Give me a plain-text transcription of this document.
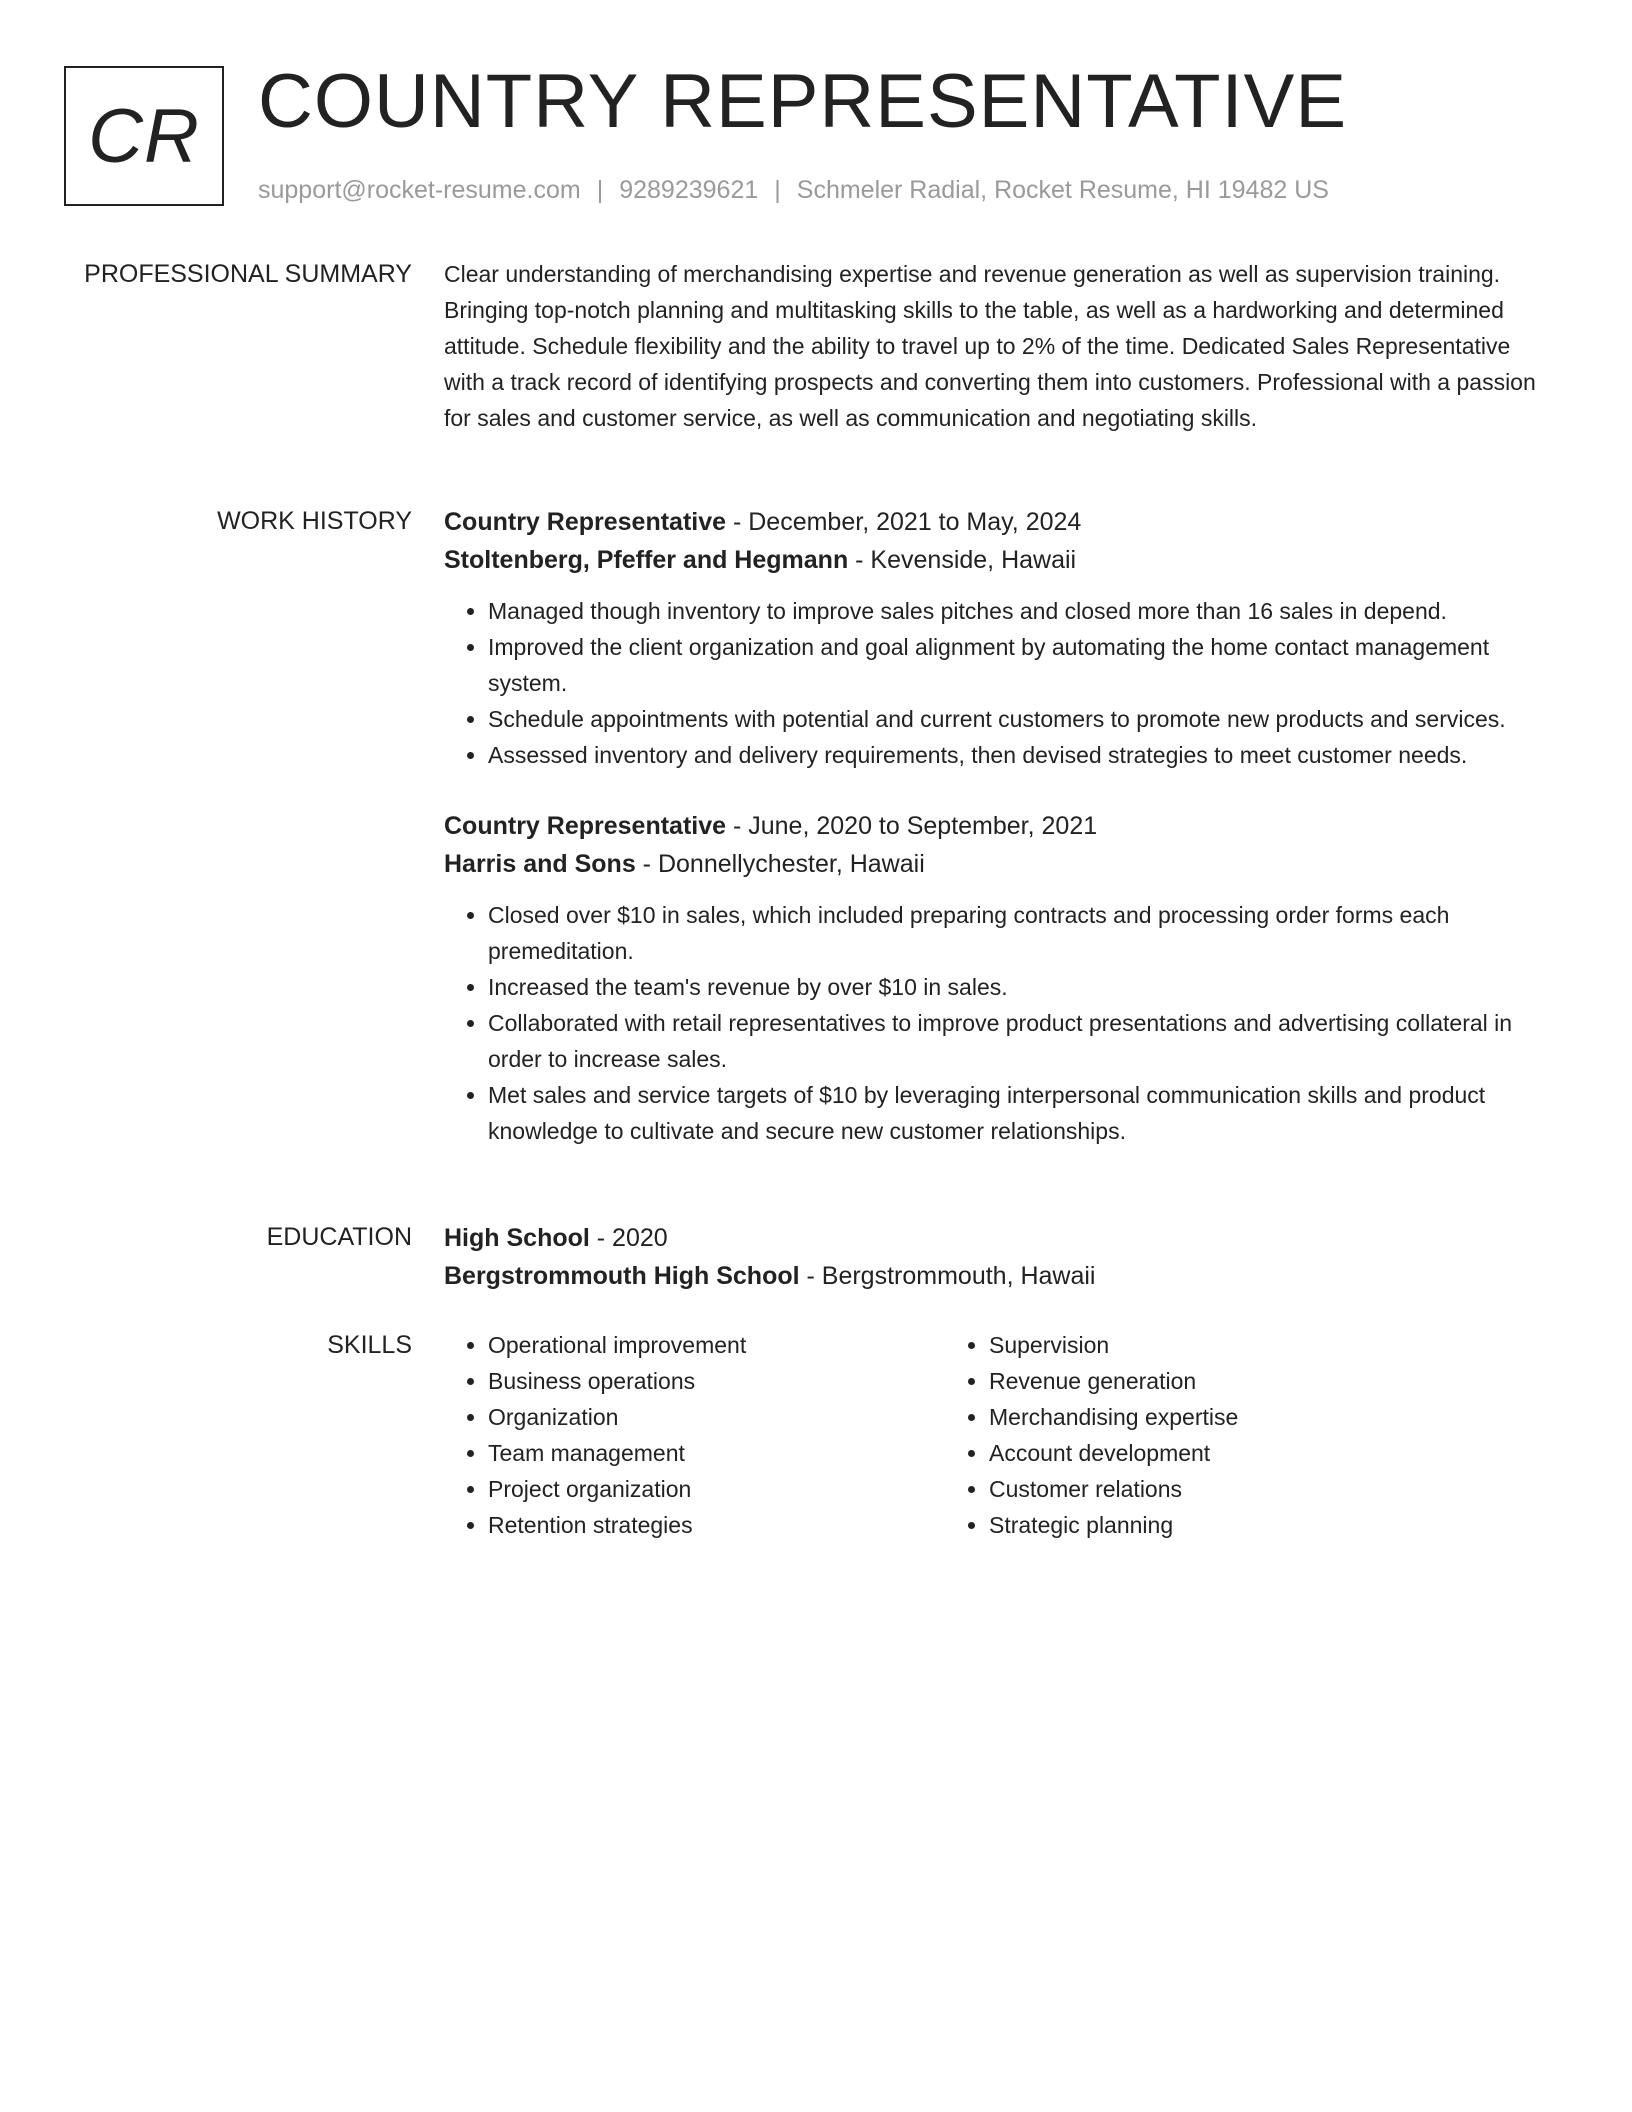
CR COUNTRY REPRESENTATIVE
support@rocket-resume.com | 9289239621 | Schmeler Radial, Rocket Resume, HI 19482 US
PROFESSIONAL SUMMARY Clear understanding of merchandising expertise and revenue generation as well as supervision training. Bringing top-notch planning and multitasking skills to the table, as well as a hardworking and determined attitude. Schedule flexibility and the ability to travel up to 2% of the time. Dedicated Sales Representative with a track record of identifying prospects and converting them into customers. Professional with a passion for sales and customer service, as well as communication and negotiating skills.

WORK HISTORY Country Representative - December, 2021 to May, 2024
Stoltenberg, Pfeffer and Hegmann - Kevenside, Hawaii
• Managed though inventory to improve sales pitches and closed more than 16 sales in depend.
• Improved the client organization and goal alignment by automating the home contact management system.
• Schedule appointments with potential and current customers to promote new products and services.
• Assessed inventory and delivery requirements, then devised strategies to meet customer needs.
Country Representative - June, 2020 to September, 2021
Harris and Sons - Donnellychester, Hawaii
• Closed over $10 in sales, which included preparing contracts and processing order forms each premeditation.
• Increased the team's revenue by over $10 in sales.
• Collaborated with retail representatives to improve product presentations and advertising collateral in order to increase sales.
• Met sales and service targets of $10 by leveraging interpersonal communication skills and product knowledge to cultivate and secure new customer relationships.
EDUCATION High School - 2020
Bergstrommouth High School - Bergstrommouth, Hawaii
SKILLS
•	Operational improvement
• Business operations
• Organization
• Team management
• Project organization
• Retention strategies
• Supervision
• Revenue generation
• Merchandising expertise
• Account development
• Customer relations
• Strategic planning
